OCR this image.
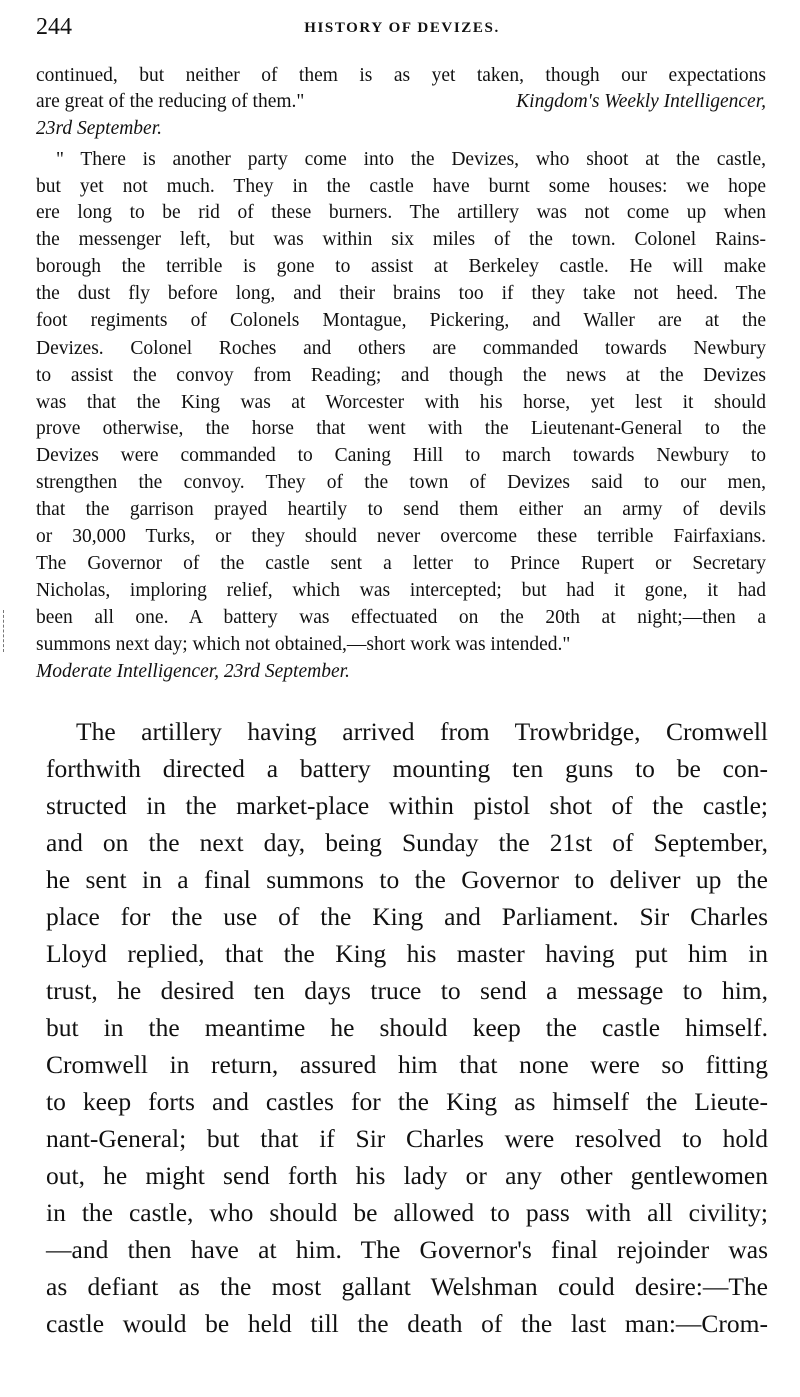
244	HISTORY OF DEVIZES.
continued, but neither of them is as yet taken, though our expectations
are great of the reducing of them."	Kingdom's Weekly Intelligencer,
23rd September.
" There is another party come into the Devizes, who shoot at the castle,
but yet not much. They in the castle have burnt some houses: we hope
ere long to be rid of these burners. The artillery was not come up when
the messenger left, but was within six miles of the town. Colonel Rains-
borough the terrible is gone to assist at Berkeley castle. He will make
the dust fly before long, and their brains too if they take not heed. The
foot regiments of Colonels Montague, Pickering, and Waller are at the
Devizes. Colonel Roches and others are commanded towards Newbury
to assist the convoy from Reading; and though the news at the Devizes
was that the King was at Worcester with his horse, yet lest it should
prove otherwise, the horse that went with the Lieutenant-General to the
Devizes were commanded to Caning Hill to march towards Newbury to
strengthen the convoy. They of the town of Devizes said to our men,
that the garrison prayed heartily to send them either an army of devils
or 30,000 Turks, or they should never overcome these terrible Fairfaxians.
The Governor of the castle sent a letter to Prince Rupert or Secretary
Nicholas, imploring relief, which was intercepted; but had it gone, it had
been all one. A battery was effectuated on the 20th at night;—then a
summons next day; which not obtained,—short work was intended."
Moderate Intelligencer, 23rd September.
The artillery having arrived from Trowbridge, Cromwell
forthwith directed a battery mounting ten guns to be con-
structed in the market-place within pistol shot of the castle;
and on the next day, being Sunday the 21st of September,
he sent in a final summons to the Governor to deliver up the
place for the use of the King and Parliament. Sir Charles
Lloyd replied, that the King his master having put him in
trust, he desired ten days truce to send a message to him,
but in the meantime he should keep the castle himself.
Cromwell in return, assured him that none were so fitting
to keep forts and castles for the King as himself the Lieute-
nant-General; but that if Sir Charles were resolved to hold
out, he might send forth his lady or any other gentlewomen
in the castle, who should be allowed to pass with all civility;
—and then have at him. The Governor's final rejoinder was
as defiant as the most gallant Welshman could desire:—The
castle would be held till the death of the last man:—Crom-
